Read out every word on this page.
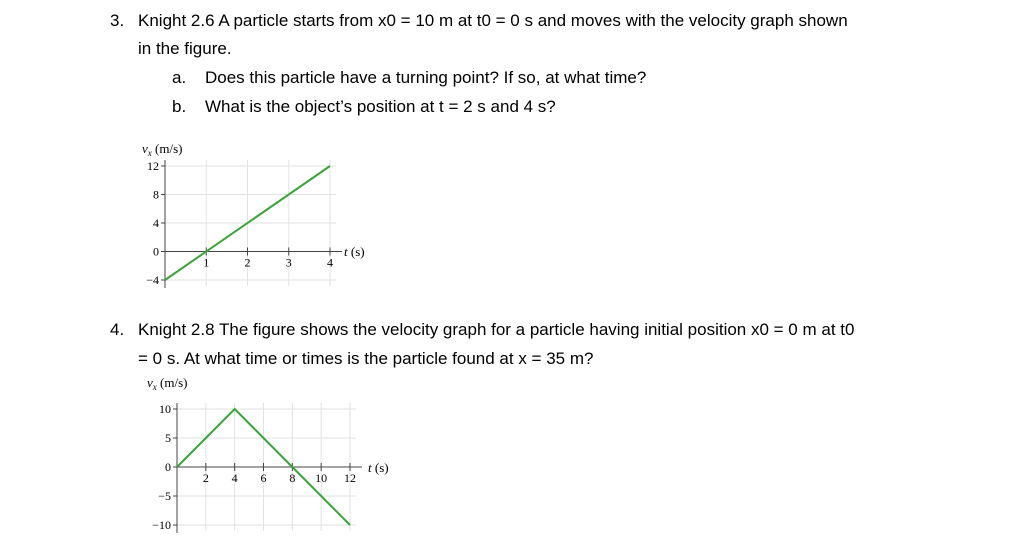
3. Knight 2.6 A particle starts from x0 = 10 m at t0 = 0 s and moves with the velocity graph shown
in the figure.
a. Does this particle have a turning point? If so, at what time?
b. What is the object’s position at t = 2 s and 4 s?
12
8
4
0
−4
1	2	3	4
$v_x$ (m/s)
t (s)
4. Knight 2.8 The figure shows the velocity graph for a particle having initial position x0 = 0 m at t0
= 0 s. At what time or times is the particle found at x = 35 m?
10
5
0
−5
−10
2 4 6 8 10 12
$v_x$ (m/s)
t (s)
